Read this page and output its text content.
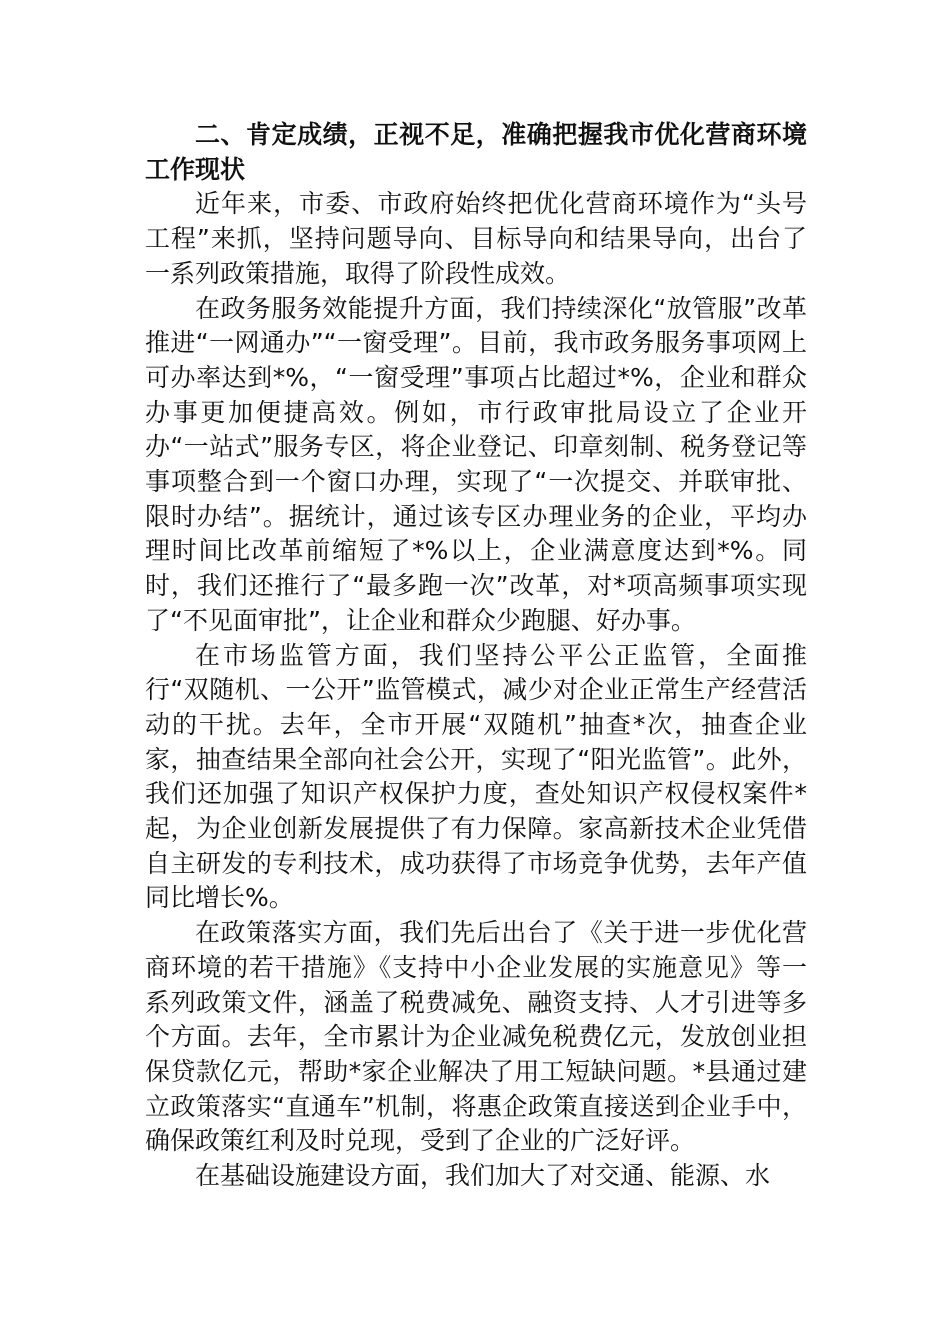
二、肯定成绩，正视不足，准确把握我市优化营商环境工作现状

近年来，市委、市政府始终把优化营商环境作为“头号工程”来抓，坚持问题导向、目标导向和结果导向，出台了一系列政策措施，取得了阶段性成效。

在政务服务效能提升方面，我们持续深化“放管服”改革推进“一网通办”“一窗受理”。目前，我市政务服务事项网上可办率达到*%，“一窗受理”事项占比超过*%，企业和群众办事更加便捷高效。例如，市行政审批局设立了企业开办“一站式”服务专区，将企业登记、印章刻制、税务登记等事项整合到一个窗口办理，实现了“一次提交、并联审批、限时办结”。据统计，通过该专区办理业务的企业，平均办理时间比改革前缩短了*%以上，企业满意度达到*%。同时，我们还推行了“最多跑一次”改革，对*项高频事项实现了“不见面审批”，让企业和群众少跑腿、好办事。

在市场监管方面，我们坚持公平公正监管，全面推行“双随机、一公开”监管模式，减少对企业正常生产经营活动的干扰。去年，全市开展“双随机”抽查*次，抽查企业家，抽查结果全部向社会公开，实现了“阳光监管”。此外，我们还加强了知识产权保护力度，查处知识产权侵权案件*起，为企业创新发展提供了有力保障。家高新技术企业凭借自主研发的专利技术，成功获得了市场竞争优势，去年产值同比增长%。

在政策落实方面，我们先后出台了《关于进一步优化营商环境的若干措施》《支持中小企业发展的实施意见》等一系列政策文件，涵盖了税费减免、融资支持、人才引进等多个方面。去年，全市累计为企业减免税费亿元，发放创业担保贷款亿元，帮助*家企业解决了用工短缺问题。*县通过建立政策落实“直通车”机制，将惠企政策直接送到企业手中，确保政策红利及时兑现，受到了企业的广泛好评。

在基础设施建设方面，我们加大了对交通、能源、水
